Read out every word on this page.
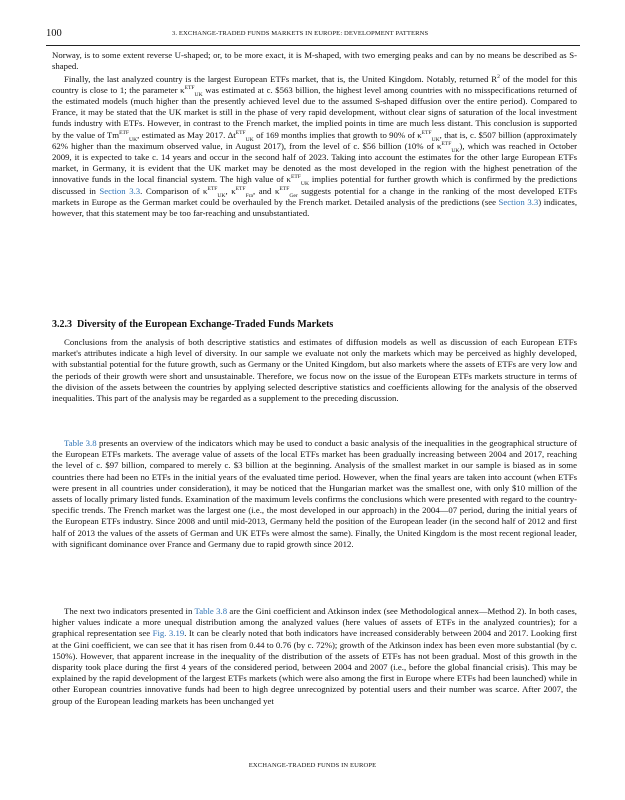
100	3. EXCHANGE-TRADED FUNDS MARKETS IN EUROPE: DEVELOPMENT PATTERNS

Norway, is to some extent reverse U-shaped; or, to be more exact, it is M-shaped, with two emerging peaks and can by no means be described as S-shaped.

Finally, the last analyzed country is the largest European ETFs market, that is, the United Kingdom. Notably, returned $R^2$ of the model for this country is close to 1; the parameter $\kappa^{ETF}_{UK}$ was estimated at c. $563 billion, the highest level among countries with no misspecifications returned of the estimated models (much higher than the presently achieved level due to the assumed S-shaped diffusion over the entire period). Compared to France, it may be stated that the UK market is still in the phase of very rapid development, without clear signs of saturation of the local investment funds industry with ETFs. However, in contrast to the French market, the implied points in time are much less distant. This conclusion is supported by the value of $Tm^{ETF}_{UK}$, estimated as May 2017. $\Delta t^{ETF}_{UK}$ of 169 months implies that growth to 90% of $\kappa^{ETF}_{UK}$, that is, c. $507 billion (approximately 62% higher than the maximum observed value, in August 2017), from the level of c. $56 billion (10% of $\kappa^{ETF}_{UK}$), which was reached in October 2009, it is expected to take c. 14 years and occur in the second half of 2023. Taking into account the estimates for the other large European ETFs market, in Germany, it is evident that the UK market may be denoted as the most developed in the region with the highest penetration of the innovative funds in the local financial system. The high value of $\kappa^{ETF}_{UK}$ implies potential for further growth which is confirmed by the predictions discussed in Section 3.3. Comparison of $\kappa^{ETF}_{UK}$, $\kappa^{ETF}_{Fra}$, and $\kappa^{ETF}_{Ger}$ suggests potential for a change in the ranking of the most developed ETFs markets in Europe as the German market could be overhauled by the French market. Detailed analysis of the predictions (see Section 3.3) indicates, however, that this statement may be too far-reaching and unsubstantiated.

3.2.3 Diversity of the European Exchange-Traded Funds Markets

Conclusions from the analysis of both descriptive statistics and estimates of diffusion models as well as discussion of each European ETFs market's attributes indicate a high level of diversity. In our sample we evaluate not only the markets which may be perceived as highly developed, with substantial potential for the future growth, such as Germany or the United Kingdom, but also markets where the assets of ETFs are very low and the periods of their growth were short and unsustainable. Therefore, we focus now on the issue of the European ETFs markets structure in terms of the division of the assets between the countries by applying selected descriptive statistics and coefficients allowing for the analysis of the observed inequalities. This part of the analysis may be regarded as a supplement to the preceding discussion.

Table 3.8 presents an overview of the indicators which may be used to conduct a basic analysis of the inequalities in the geographical structure of the European ETFs markets. The average value of assets of the local ETFs market has been gradually increasing between 2004 and 2017, reaching the level of c. $97 billion, compared to merely c. $3 billion at the beginning. Analysis of the smallest market in our sample is biased as in some countries there had been no ETFs in the initial years of the evaluated time period. However, when the final years are taken into account (when ETFs were present in all countries under consideration), it may be noticed that the Hungarian market was the smallest one, with only $10 million of the assets of locally primary listed funds. Examination of the maximum levels confirms the conclusions which were presented with regard to the country-specific trends. The French market was the largest one (i.e., the most developed in our approach) in the 2004—07 period, during the initial years of the European ETFs industry. Since 2008 and until mid-2013, Germany held the position of the European leader (in the second half of 2012 and first half of 2013 the values of the assets of German and UK ETFs were almost the same). Finally, the United Kingdom is the most recent regional leader, with significant dominance over France and Germany due to rapid growth since 2012.

The next two indicators presented in Table 3.8 are the Gini coefficient and Atkinson index (see Methodological annex—Method 2). In both cases, higher values indicate a more unequal distribution among the analyzed values (here values of assets of ETFs in the analyzed countries); for a graphical representation see Fig. 3.19. It can be clearly noted that both indicators have increased considerably between 2004 and 2017. Looking first at the Gini coefficient, we can see that it has risen from 0.44 to 0.76 (by c. 72%); growth of the Atkinson index has been even more substantial (by c. 150%). However, that apparent increase in the inequality of the distribution of the assets of ETFs has not been gradual. Most of this growth in the disparity took place during the first 4 years of the considered period, between 2004 and 2007 (i.e., before the global financial crisis). This may be explained by the rapid development of the largest ETFs markets (which were also among the first in Europe where ETFs had been launched) while in other European countries innovative funds had been to high degree unrecognized by potential users and their number was scarce. After 2007, the group of the European leading markets has been unchanged yet

EXCHANGE-TRADED FUNDS IN EUROPE
